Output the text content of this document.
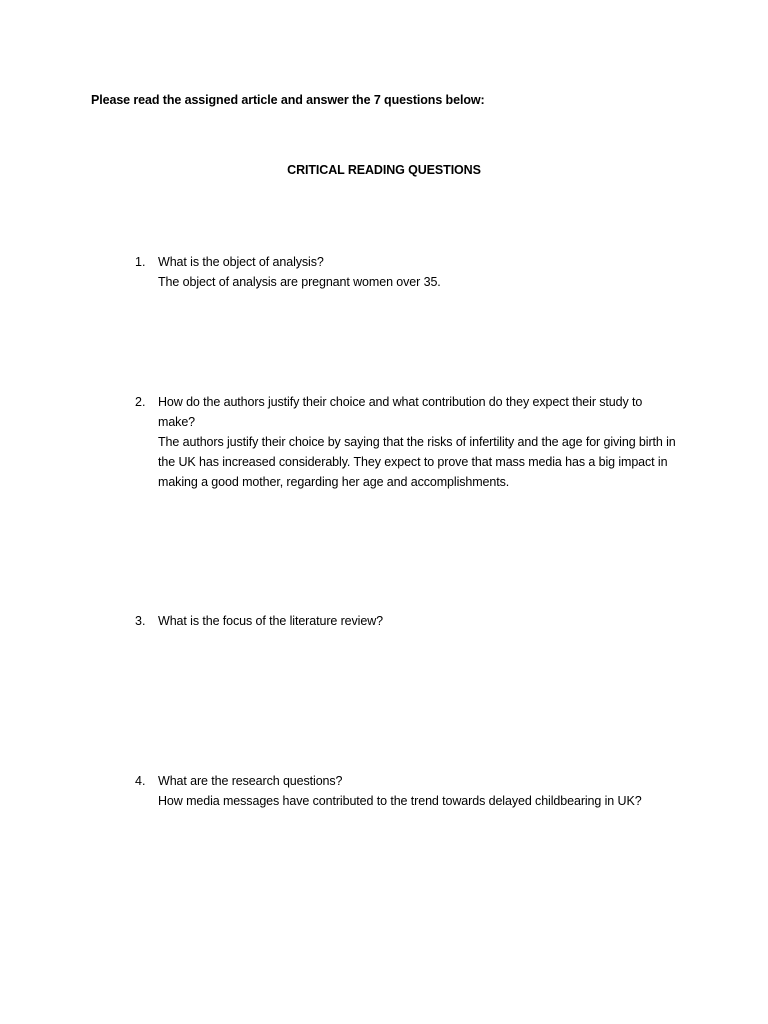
Please read the assigned article and answer the 7 questions below:
CRITICAL READING QUESTIONS
1.	What is the object of analysis?
The object of analysis are pregnant women over 35.
2.	How do the authors justify their choice and what contribution do they expect their study to make?
The authors justify their choice by saying that the risks of infertility and the age for giving birth in the UK has increased considerably. They expect to prove that mass media has a big impact in making a good mother, regarding her age and accomplishments.
3.	What is the focus of the literature review?
4.	What are the research questions?
How media messages have contributed to the trend towards delayed childbearing in UK?
